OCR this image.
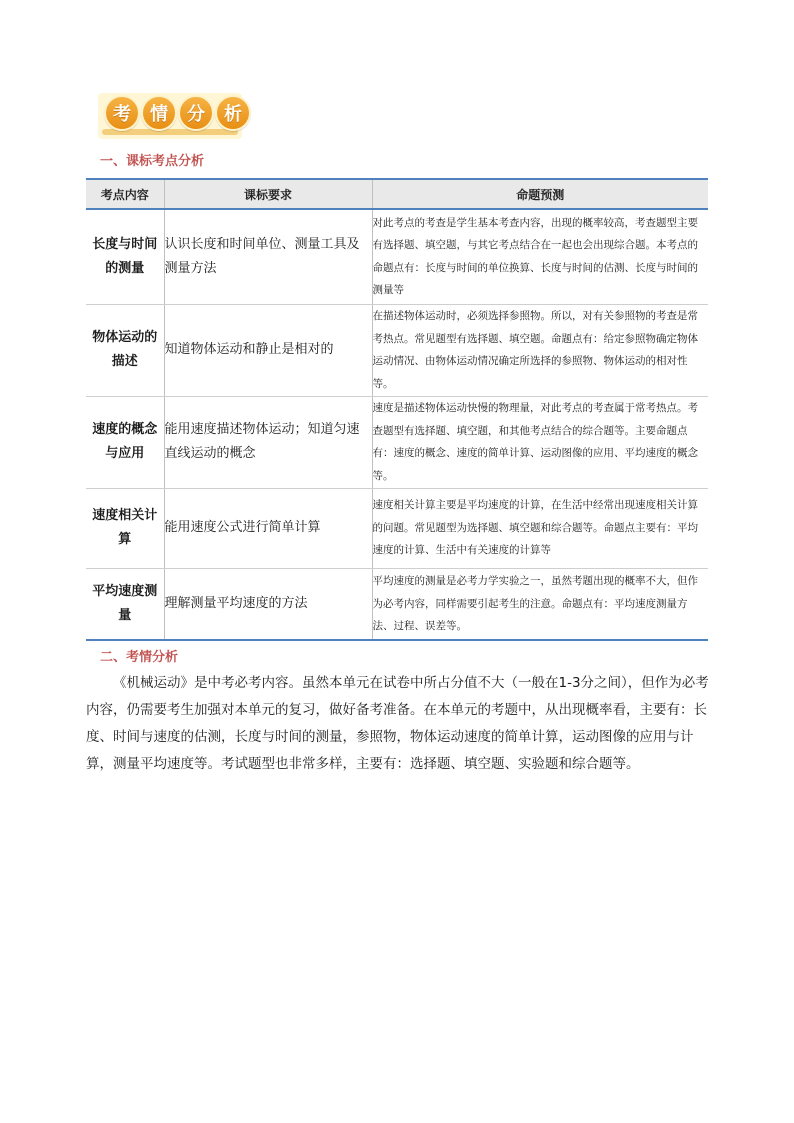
考	情	分	析
一、课标考点分析
考点内容	课标要求	命题预测
长度与时间的测量	认识长度和时间单位、测量工具及测量方法	对此考点的考查是学生基本考查内容，出现的概率较高，考查题型主要有选择题、填空题，与其它考点结合在一起也会出现综合题。本考点的命题点有：长度与时间的单位换算、长度与时间的估测、长度与时间的测量等
物体运动的描述	知道物体运动和静止是相对的	在描述物体运动时，必须选择参照物。所以，对有关参照物的考查是常考热点。常见题型有选择题、填空题。命题点有：给定参照物确定物体运动情况、由物体运动情况确定所选择的参照物、物体运动的相对性等。
速度的概念与应用	能用速度描述物体运动；知道匀速直线运动的概念	速度是描述物体运动快慢的物理量，对此考点的考查属于常考热点。考查题型有选择题、填空题，和其他考点结合的综合题等。主要命题点有：速度的概念、速度的简单计算、运动图像的应用、平均速度的概念等。
速度相关计算	能用速度公式进行简单计算	速度相关计算主要是平均速度的计算，在生活中经常出现速度相关计算的问题。常见题型为选择题、填空题和综合题等。命题点主要有：平均速度的计算、生活中有关速度的计算等
平均速度测量	理解测量平均速度的方法	平均速度的测量是必考力学实验之一，虽然考题出现的概率不大，但作为必考内容，同样需要引起考生的注意。命题点有：平均速度测量方法、过程、误差等。
二、考情分析

《机械运动》是中考必考内容。虽然本单元在试卷中所占分值不大（一般在1-3分之间），但作为必考内容，仍需要考生加强对本单元的复习，做好备考准备。在本单元的考题中，从出现概率看，主要有：长度、时间与速度的估测，长度与时间的测量，参照物，物体运动速度的简单计算，运动图像的应用与计算，测量平均速度等。考试题型也非常多样，主要有：选择题、填空题、实验题和综合题等。
